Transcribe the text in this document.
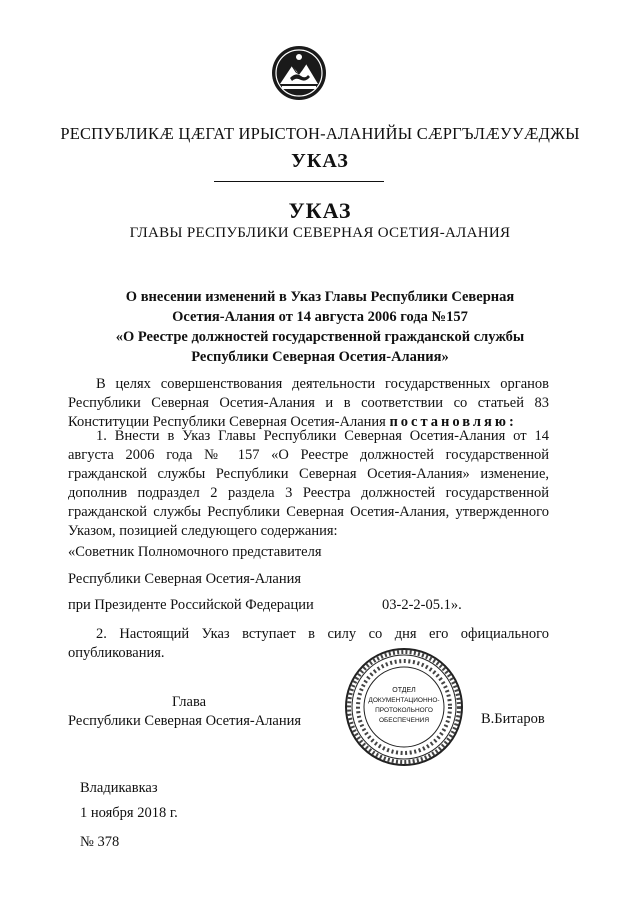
РЕСПУБЛИКӔ ЦӔГАТ ИРЫСТОН-АЛАНИЙЫ СӔРГЪЛӔУУӔДЖЫ
УКАЗ
УКАЗ
ГЛАВЫ РЕСПУБЛИКИ СЕВЕРНАЯ ОСЕТИЯ-АЛАНИЯ
О внесении изменений в Указ Главы Республики Северная
Осетия-Алания от 14 августа 2006 года №157
«О Реестре должностей государственной гражданской службы
Республики Северная Осетия-Алания»
В целях совершенствования деятельности государственных органов Республики Северная Осетия-Алания и в соответствии со статьей 83 Конституции Республики Северная Осетия-Алания постановляю:
1. Внести в Указ Главы Республики Северная Осетия-Алания от 14 августа 2006 года № 157 «О Реестре должностей государственной гражданской службы Республики Северная Осетия-Алания» изменение, дополнив подраздел 2 раздела 3 Реестра должностей государственной гражданской службы Республики Северная Осетия-Алания, утвержденного Указом, позицией следующего содержания:
«Советник Полномочного представителя
Республики Северная Осетия-Алания
при Президенте Российской Федерации	03-2-2-05.1».
2. Настоящий Указ вступает в силу со дня его официального опубликования.
Глава
Республики Северная Осетия-Алания	В.Битаров
ОТДЕЛ
ДОКУМЕНТАЦИОННО-
ПРОТОКОЛЬНОГО
ОБЕСПЕЧЕНИЯ
Владикавказ
1 ноября 2018 г.
№ 378
